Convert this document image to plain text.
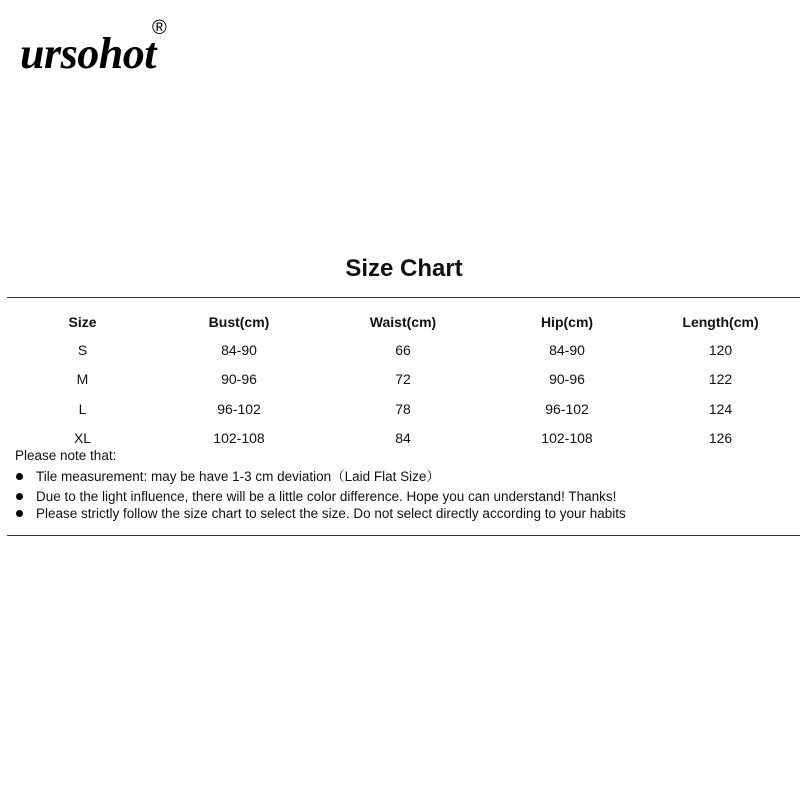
ursohot
®
Size Chart
Size	Bust(cm)	Waist(cm)	Hip(cm)	Length(cm)
S	84-90	66	84-90	120
M	90-96	72	90-96	122
L	96-102	78	96-102	124
XL	102-108	84	102-108	126
Please note that:
Tile measurement: may be have 1-3 cm deviation（Laid Flat Size）
Due to the light influence, there will be a little color difference. Hope you can understand! Thanks!
Please strictly follow the size chart to select the size. Do not select directly according to your habits
